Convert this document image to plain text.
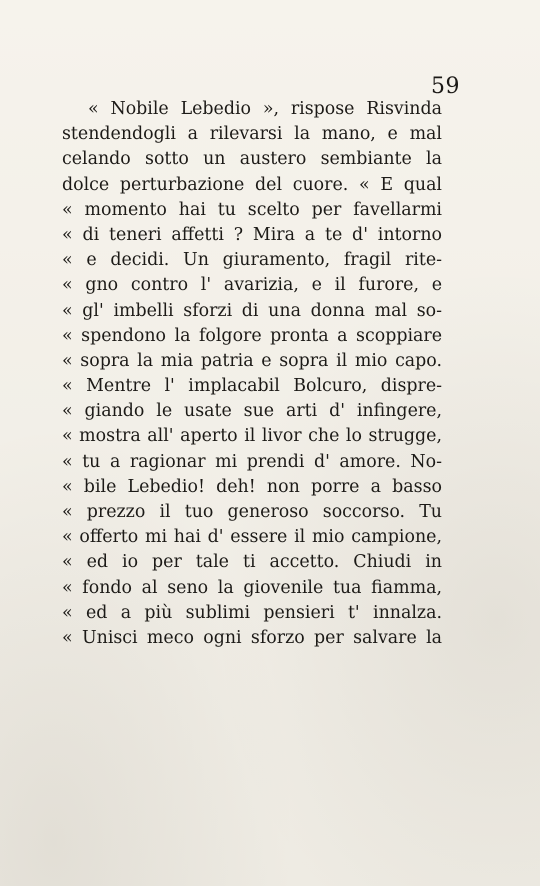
59
« Nobile Lebedio », rispose Risvinda
stendendogli a rilevarsi la mano, e mal
celando sotto un austero sembiante la
dolce perturbazione del cuore. « E qual
« momento hai tu scelto per favellarmi
« di teneri affetti ? Mira a te d' intorno
« e decidi. Un giuramento, fragil rite-
« gno contro l' avarizia, e il furore, e
« gl' imbelli sforzi di una donna mal so-
« spendono la folgore pronta a scoppiare
« sopra la mia patria e sopra il mio capo.
« Mentre l' implacabil Bolcuro, dispre-
« giando le usate sue arti d' infingere,
« mostra all' aperto il livor che lo strugge,
« tu a ragionar mi prendi d' amore. No-
« bile Lebedio! deh! non porre a basso
« prezzo il tuo generoso soccorso. Tu
« offerto mi hai d' essere il mio campione,
« ed io per tale ti accetto. Chiudi in
« fondo al seno la giovenile tua fiamma,
« ed a più sublimi pensieri t' innalza.
« Unisci meco ogni sforzo per salvare la
